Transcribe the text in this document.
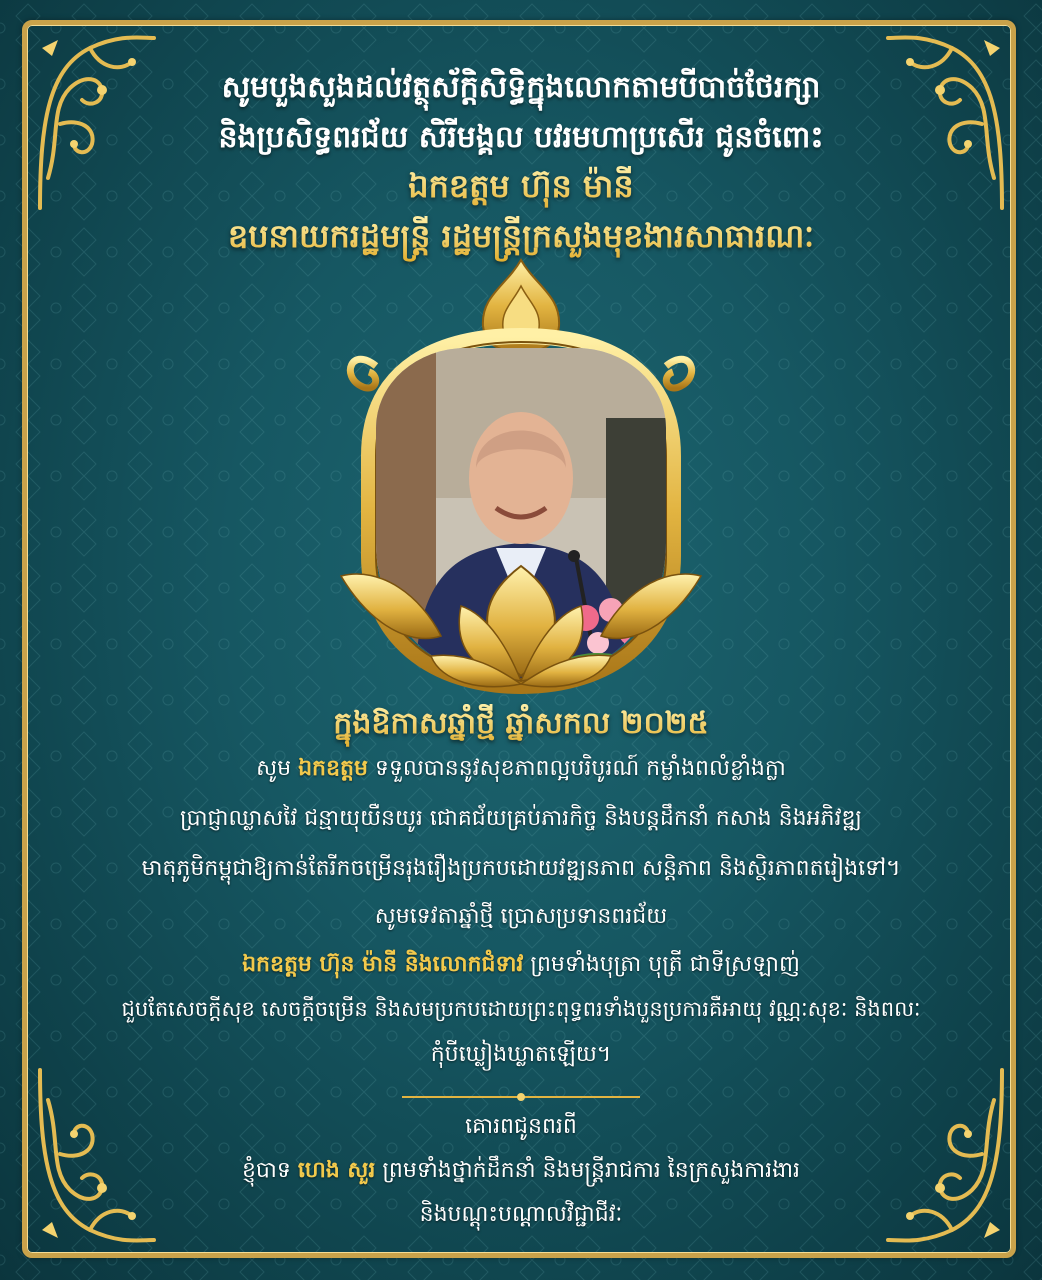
សូមបួងសួងដល់វត្ថុស័ក្តិសិទ្ធិក្នុងលោកតាមបីបាច់ថែរក្សា
និងប្រសិទ្ធពរជ័យ សិរីមង្គល បវរមហាប្រសើរ ជូនចំពោះ
ឯកឧត្តម ហ៊ុន ម៉ានី
ឧបនាយករដ្ឋមន្ត្រី រដ្ឋមន្ត្រីក្រសួងមុខងារសាធារណៈ
ក្នុងឱកាសឆ្នាំថ្មី ឆ្នាំសកល ២០២៥
សូម ឯកឧត្តម ទទួលបាននូវសុខភាពល្អបរិបូរណ៍ កម្លាំងពលំខ្លាំងក្លា
ប្រាជ្ញាឈ្លាសវៃ ជន្មាយុយឺនយូរ ជោគជ័យគ្រប់ភារកិច្ច និងបន្តដឹកនាំ កសាង និងអភិវឌ្ឍ
មាតុភូមិកម្ពុជាឱ្យកាន់តែរីកចម្រើនរុងរឿងប្រកបដោយវឌ្ឍនភាព សន្តិភាព និងស្ថិរភាពតរៀងទៅ។
សូមទេវតាឆ្នាំថ្មី ប្រោសប្រទានពរជ័យ
ឯកឧត្តម ហ៊ុន ម៉ានី និងលោកជំទាវ ព្រមទាំងបុត្រា បុត្រី ជាទីស្រឡាញ់
ជួបតែសេចក្តីសុខ សេចក្តីចម្រើន និងសមប្រកបដោយព្រះពុទ្ធពរទាំងបួនប្រការគឺអាយុ វណ្ណៈសុខៈ និងពលៈ
កុំបីឃ្លៀងឃ្លាតឡើយ។
គោរពជូនពរពី
ខ្ញុំបាទ ហេង សួរ ព្រមទាំងថ្នាក់ដឹកនាំ និងមន្ត្រីរាជការ នៃក្រសួងការងារ
និងបណ្តុះបណ្តាលវិជ្ជាជីវៈ
